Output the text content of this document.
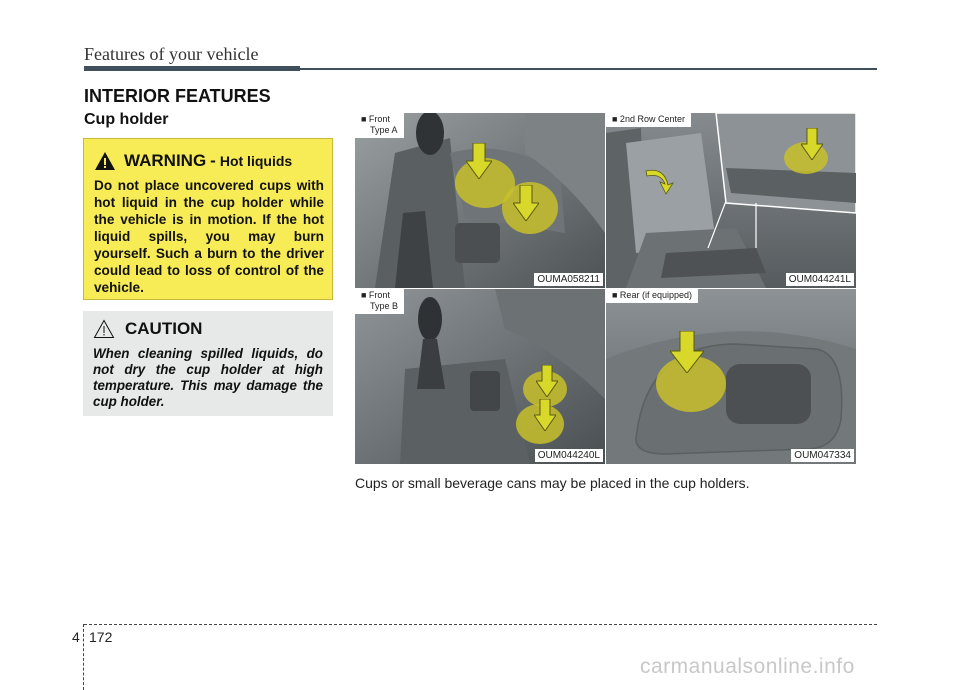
Features of your vehicle
INTERIOR FEATURES
Cup holder
WARNING - Hot liquids
Do not place uncovered cups with hot liquid in the cup holder while the vehicle is in motion. If the hot liquid spills, you may burn yourself. Such a burn to the driver could lead to loss of control of the vehicle.
CAUTION
When cleaning spilled liquids, do not dry the cup holder at high temperature. This may damage the cup holder.
■ Front
Type A
OUMA058211
■ 2nd Row Center
OUM044241L
■ Front
Type B
OUM044240L
■ Rear (if equipped)
OUM047334
Cups or small beverage cans may be placed in the cup holders.
4 172
carmanualsonline.info
